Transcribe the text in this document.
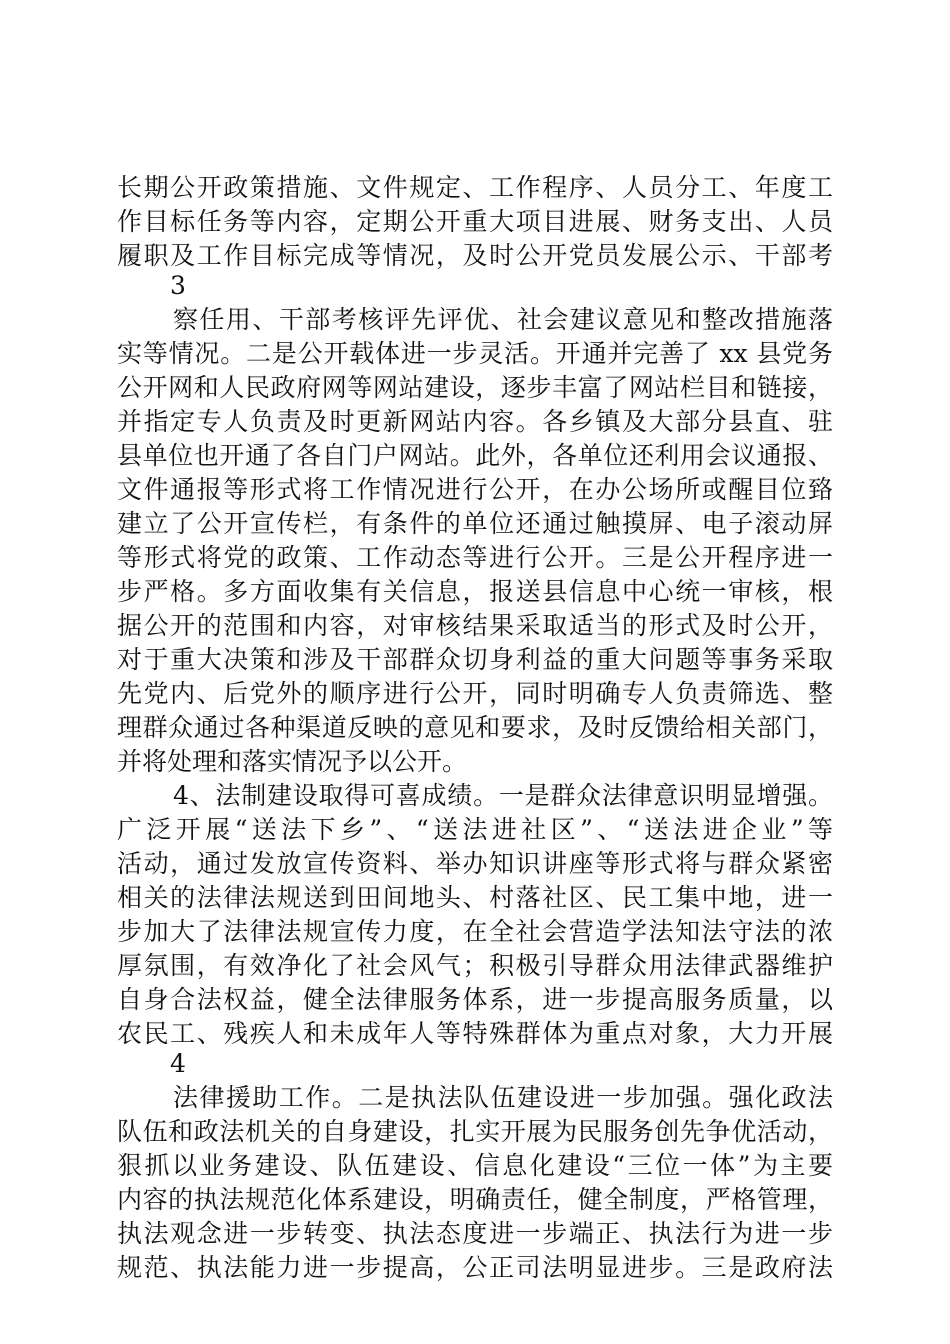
长期公开政策措施、文件规定、工作程序、人员分工、年度工
作目标任务等内容，定期公开重大项目进展、财务支出、人员
履职及工作目标完成等情况，及时公开党员发展公示、干部考
3
察任用、干部考核评先评优、社会建议意见和整改措施落
实等情况。二是公开载体进一步灵活。开通并完善了 xx 县党务
公开网和人民政府网等网站建设，逐步丰富了网站栏目和链接，
并指定专人负责及时更新网站内容。各乡镇及大部分县直、驻
县单位也开通了各自门户网站。此外，各单位还利用会议通报、
文件通报等形式将工作情况进行公开，在办公场所或醒目位臵
建立了公开宣传栏，有条件的单位还通过触摸屏、电子滚动屏
等形式将党的政策、工作动态等进行公开。三是公开程序进一
步严格。多方面收集有关信息，报送县信息中心统一审核，根
据公开的范围和内容，对审核结果采取适当的形式及时公开，
对于重大决策和涉及干部群众切身利益的重大问题等事务采取
先党内、后党外的顺序进行公开，同时明确专人负责筛选、整
理群众通过各种渠道反映的意见和要求，及时反馈给相关部门，
并将处理和落实情况予以公开。
4、法制建设取得可喜成绩。一是群众法律意识明显增强。
广泛开展“送法下乡”、“送法进社区”、“送法进企业”等
活动，通过发放宣传资料、举办知识讲座等形式将与群众紧密
相关的法律法规送到田间地头、村落社区、民工集中地，进一
步加大了法律法规宣传力度，在全社会营造学法知法守法的浓
厚氛围，有效净化了社会风气；积极引导群众用法律武器维护
自身合法权益，健全法律服务体系，进一步提高服务质量，以
农民工、残疾人和未成年人等特殊群体为重点对象，大力开展
4
法律援助工作。二是执法队伍建设进一步加强。强化政法
队伍和政法机关的自身建设，扎实开展为民服务创先争优活动，
狠抓以业务建设、队伍建设、信息化建设“三位一体”为主要
内容的执法规范化体系建设，明确责任，健全制度，严格管理，
执法观念进一步转变、执法态度进一步端正、执法行为进一步
规范、执法能力进一步提高，公正司法明显进步。三是政府法
